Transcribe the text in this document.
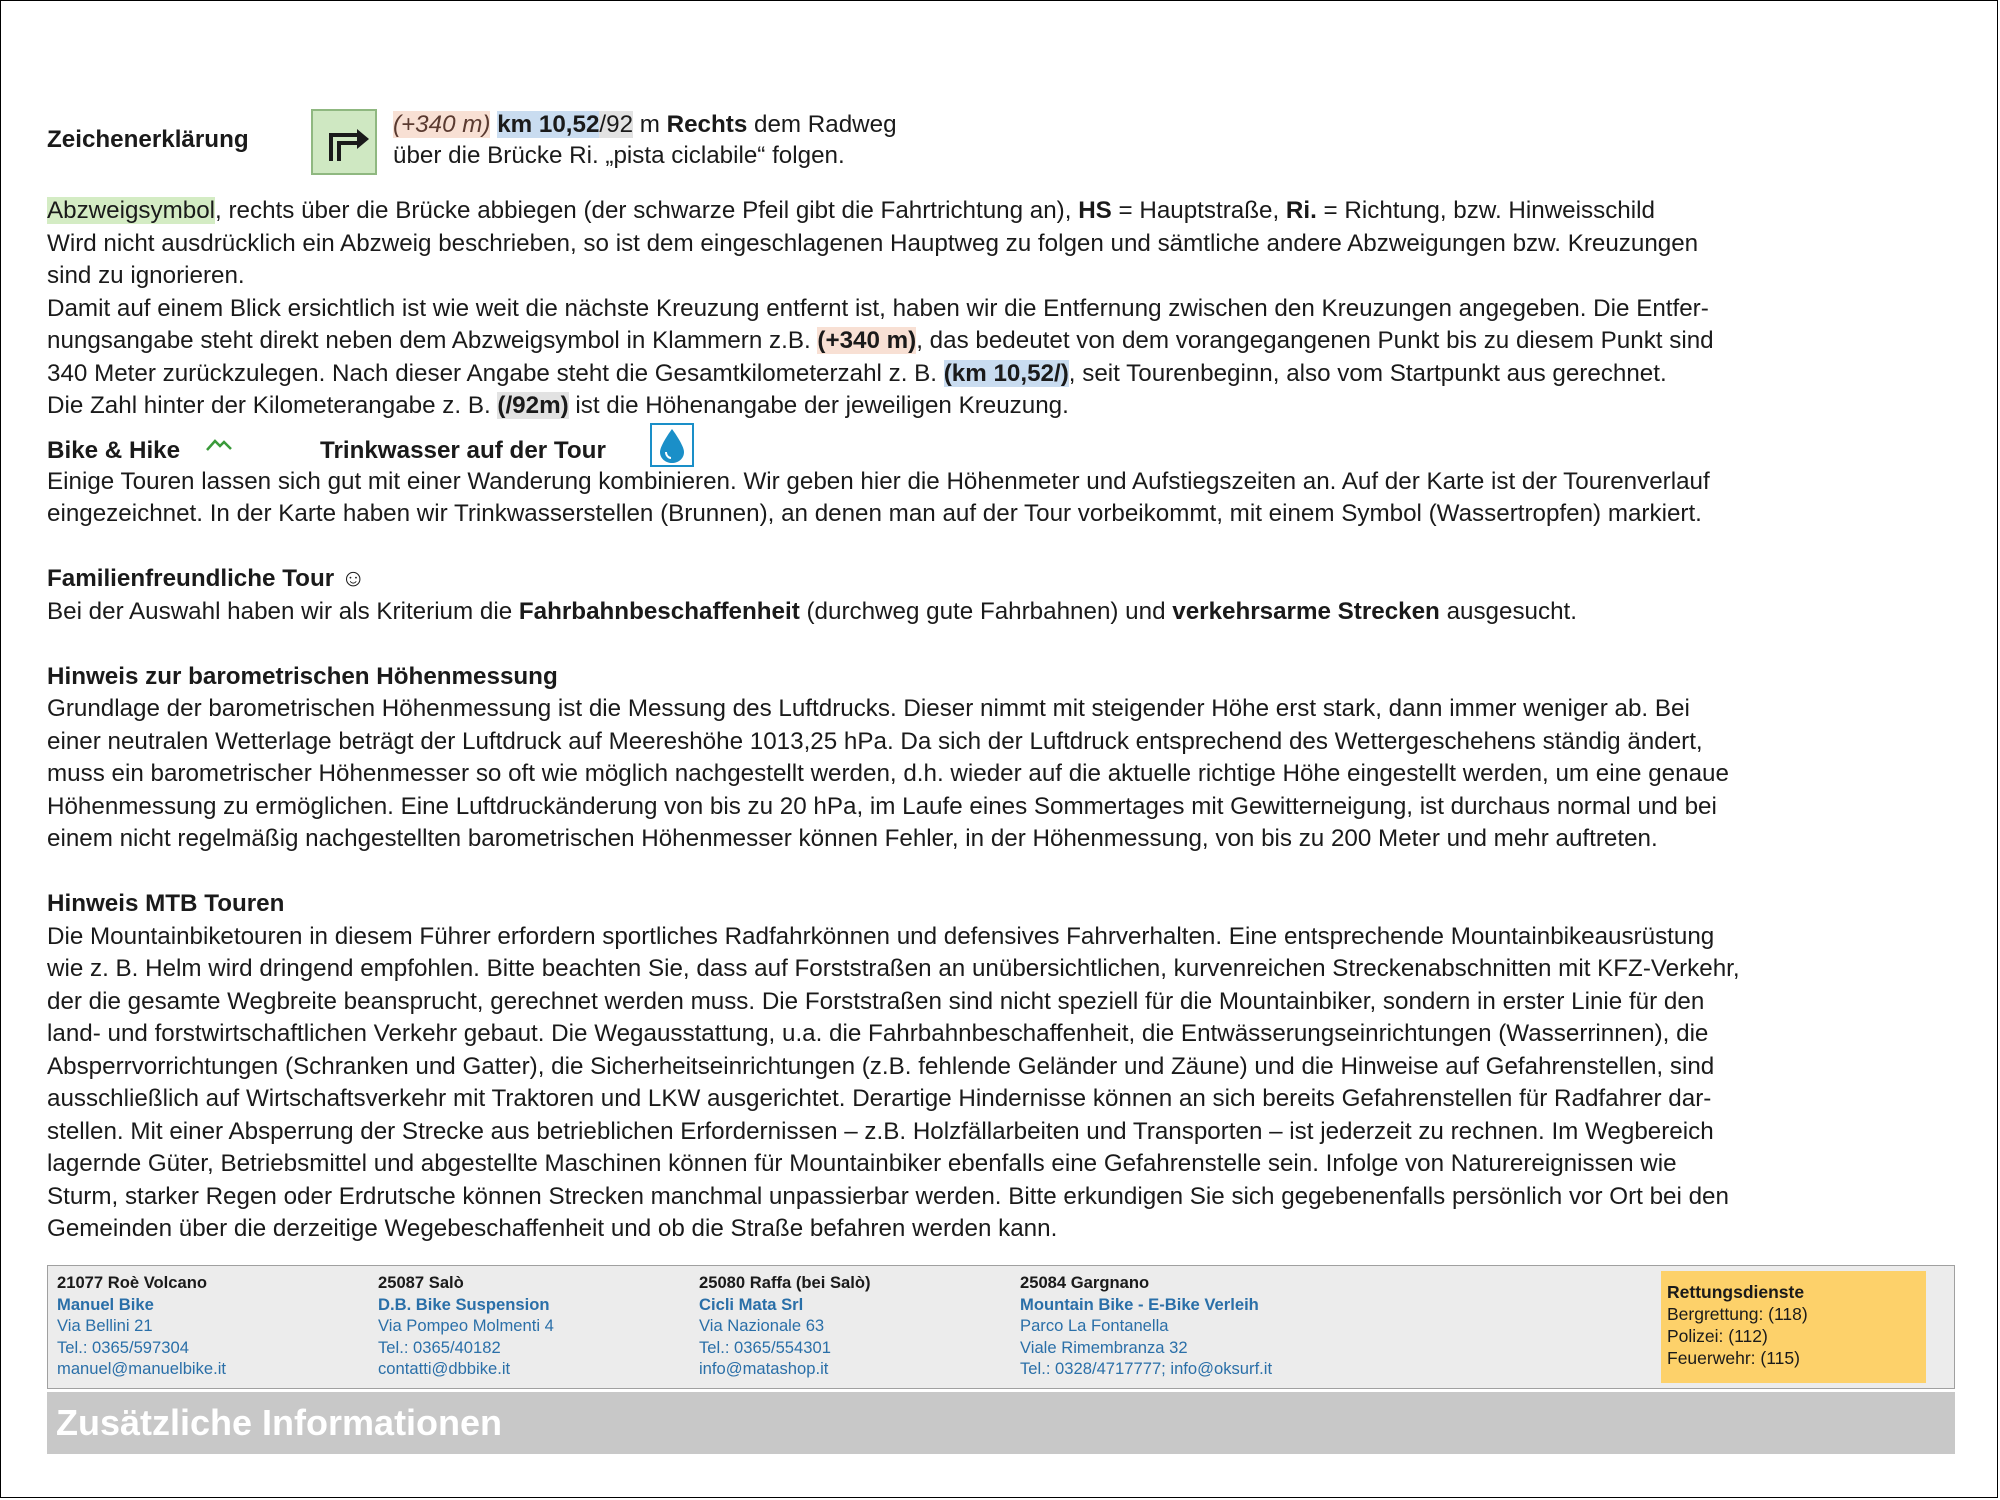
Zeichenerklärung
(+340 m) km 10,52/92 m Rechts dem Radweg
über die Brücke Ri. „pista ciclabile“ folgen.

Abzweigsymbol, rechts über die Brücke abbiegen (der schwarze Pfeil gibt die Fahrtrichtung an), HS = Hauptstraße, Ri. = Richtung, bzw. Hinweisschild

Wird nicht ausdrücklich ein Abzweig beschrieben, so ist dem eingeschlagenen Hauptweg zu folgen und sämtliche andere Abzweigungen bzw. Kreuzungen

sind zu ignorieren.

Damit auf einem Blick ersichtlich ist wie weit die nächste Kreuzung entfernt ist, haben wir die Entfernung zwischen den Kreuzungen angegeben. Die Entfer-

nungsangabe steht direkt neben dem Abzweigsymbol in Klammern z.B. (+340 m), das bedeutet von dem vorangegangenen Punkt bis zu diesem Punkt sind

340 Meter zurückzulegen. Nach dieser Angabe steht die Gesamtkilometerzahl z. B. (km 10,52/), seit Tourenbeginn, also vom Startpunkt aus gerechnet.

Die Zahl hinter der Kilometerangabe z. B. (/92m) ist die Höhenangabe der jeweiligen Kreuzung.

Bike & Hike	Trinkwasser auf der Tour

Einige Touren lassen sich gut mit einer Wanderung kombinieren. Wir geben hier die Höhenmeter und Aufstiegszeiten an. Auf der Karte ist der Tourenverlauf

eingezeichnet. In der Karte haben wir Trinkwasserstellen (Brunnen), an denen man auf der Tour vorbeikommt, mit einem Symbol (Wassertropfen) markiert.

Familienfreundliche Tour ☺

Bei der Auswahl haben wir als Kriterium die Fahrbahnbeschaffenheit (durchweg gute Fahrbahnen) und verkehrsarme Strecken ausgesucht.

Hinweis zur barometrischen Höhenmessung

Grundlage der barometrischen Höhenmessung ist die Messung des Luftdrucks. Dieser nimmt mit steigender Höhe erst stark, dann immer weniger ab. Bei

einer neutralen Wetterlage beträgt der Luftdruck auf Meereshöhe 1013,25 hPa. Da sich der Luftdruck entsprechend des Wettergeschehens ständig ändert,

muss ein barometrischer Höhenmesser so oft wie möglich nachgestellt werden, d.h. wieder auf die aktuelle richtige Höhe eingestellt werden, um eine genaue

Höhenmessung zu ermöglichen. Eine Luftdruckänderung von bis zu 20 hPa, im Laufe eines Sommertages mit Gewitterneigung, ist durchaus normal und bei

einem nicht regelmäßig nachgestellten barometrischen Höhenmesser können Fehler, in der Höhenmessung, von bis zu 200 Meter und mehr auftreten.

Hinweis MTB Touren

Die Mountainbiketouren in diesem Führer erfordern sportliches Radfahrkönnen und defensives Fahrverhalten. Eine entsprechende Mountainbikeausrüstung

wie z. B. Helm wird dringend empfohlen. Bitte beachten Sie, dass auf Forststraßen an unübersichtlichen, kurvenreichen Streckenabschnitten mit KFZ-Verkehr,

der die gesamte Wegbreite beansprucht, gerechnet werden muss. Die Forststraßen sind nicht speziell für die Mountainbiker, sondern in erster Linie für den

land- und forstwirtschaftlichen Verkehr gebaut. Die Wegausstattung, u.a. die Fahrbahnbeschaffenheit, die Entwässerungseinrichtungen (Wasserrinnen), die

Absperrvorrichtungen (Schranken und Gatter), die Sicherheitseinrichtungen (z.B. fehlende Geländer und Zäune) und die Hinweise auf Gefahrenstellen, sind

ausschließlich auf Wirtschaftsverkehr mit Traktoren und LKW ausgerichtet. Derartige Hindernisse können an sich bereits Gefahrenstellen für Radfahrer dar-

stellen. Mit einer Absperrung der Strecke aus betrieblichen Erfordernissen – z.B. Holzfällarbeiten und Transporten – ist jederzeit zu rechnen. Im Wegbereich

lagernde Güter, Betriebsmittel und abgestellte Maschinen können für Mountainbiker ebenfalls eine Gefahrenstelle sein. Infolge von Naturereignissen wie

Sturm, starker Regen oder Erdrutsche können Strecken manchmal unpassierbar werden. Bitte erkundigen Sie sich gegebenenfalls persönlich vor Ort bei den

Gemeinden über die derzeitige Wegebeschaffenheit und ob die Straße befahren werden kann.

21077 Roè Volcano
Manuel Bike
Via Bellini 21
Tel.: 0365/597304
manuel@manuelbike.it
25087 Salò
D.B. Bike Suspension
Via Pompeo Molmenti 4
Tel.: 0365/40182
contatti@dbbike.it
25080 Raffa (bei Salò)
Cicli Mata Srl
Via Nazionale 63
Tel.: 0365/554301
info@matashop.it
25084 Gargnano
Mountain Bike - E-Bike Verleih
Parco La Fontanella
Viale Rimembranza 32
Tel.: 0328/4717777; info@oksurf.it
Rettungsdienste
Bergrettung: (118)
Polizei: (112)
Feuerwehr: (115)
Zusätzliche Informationen
